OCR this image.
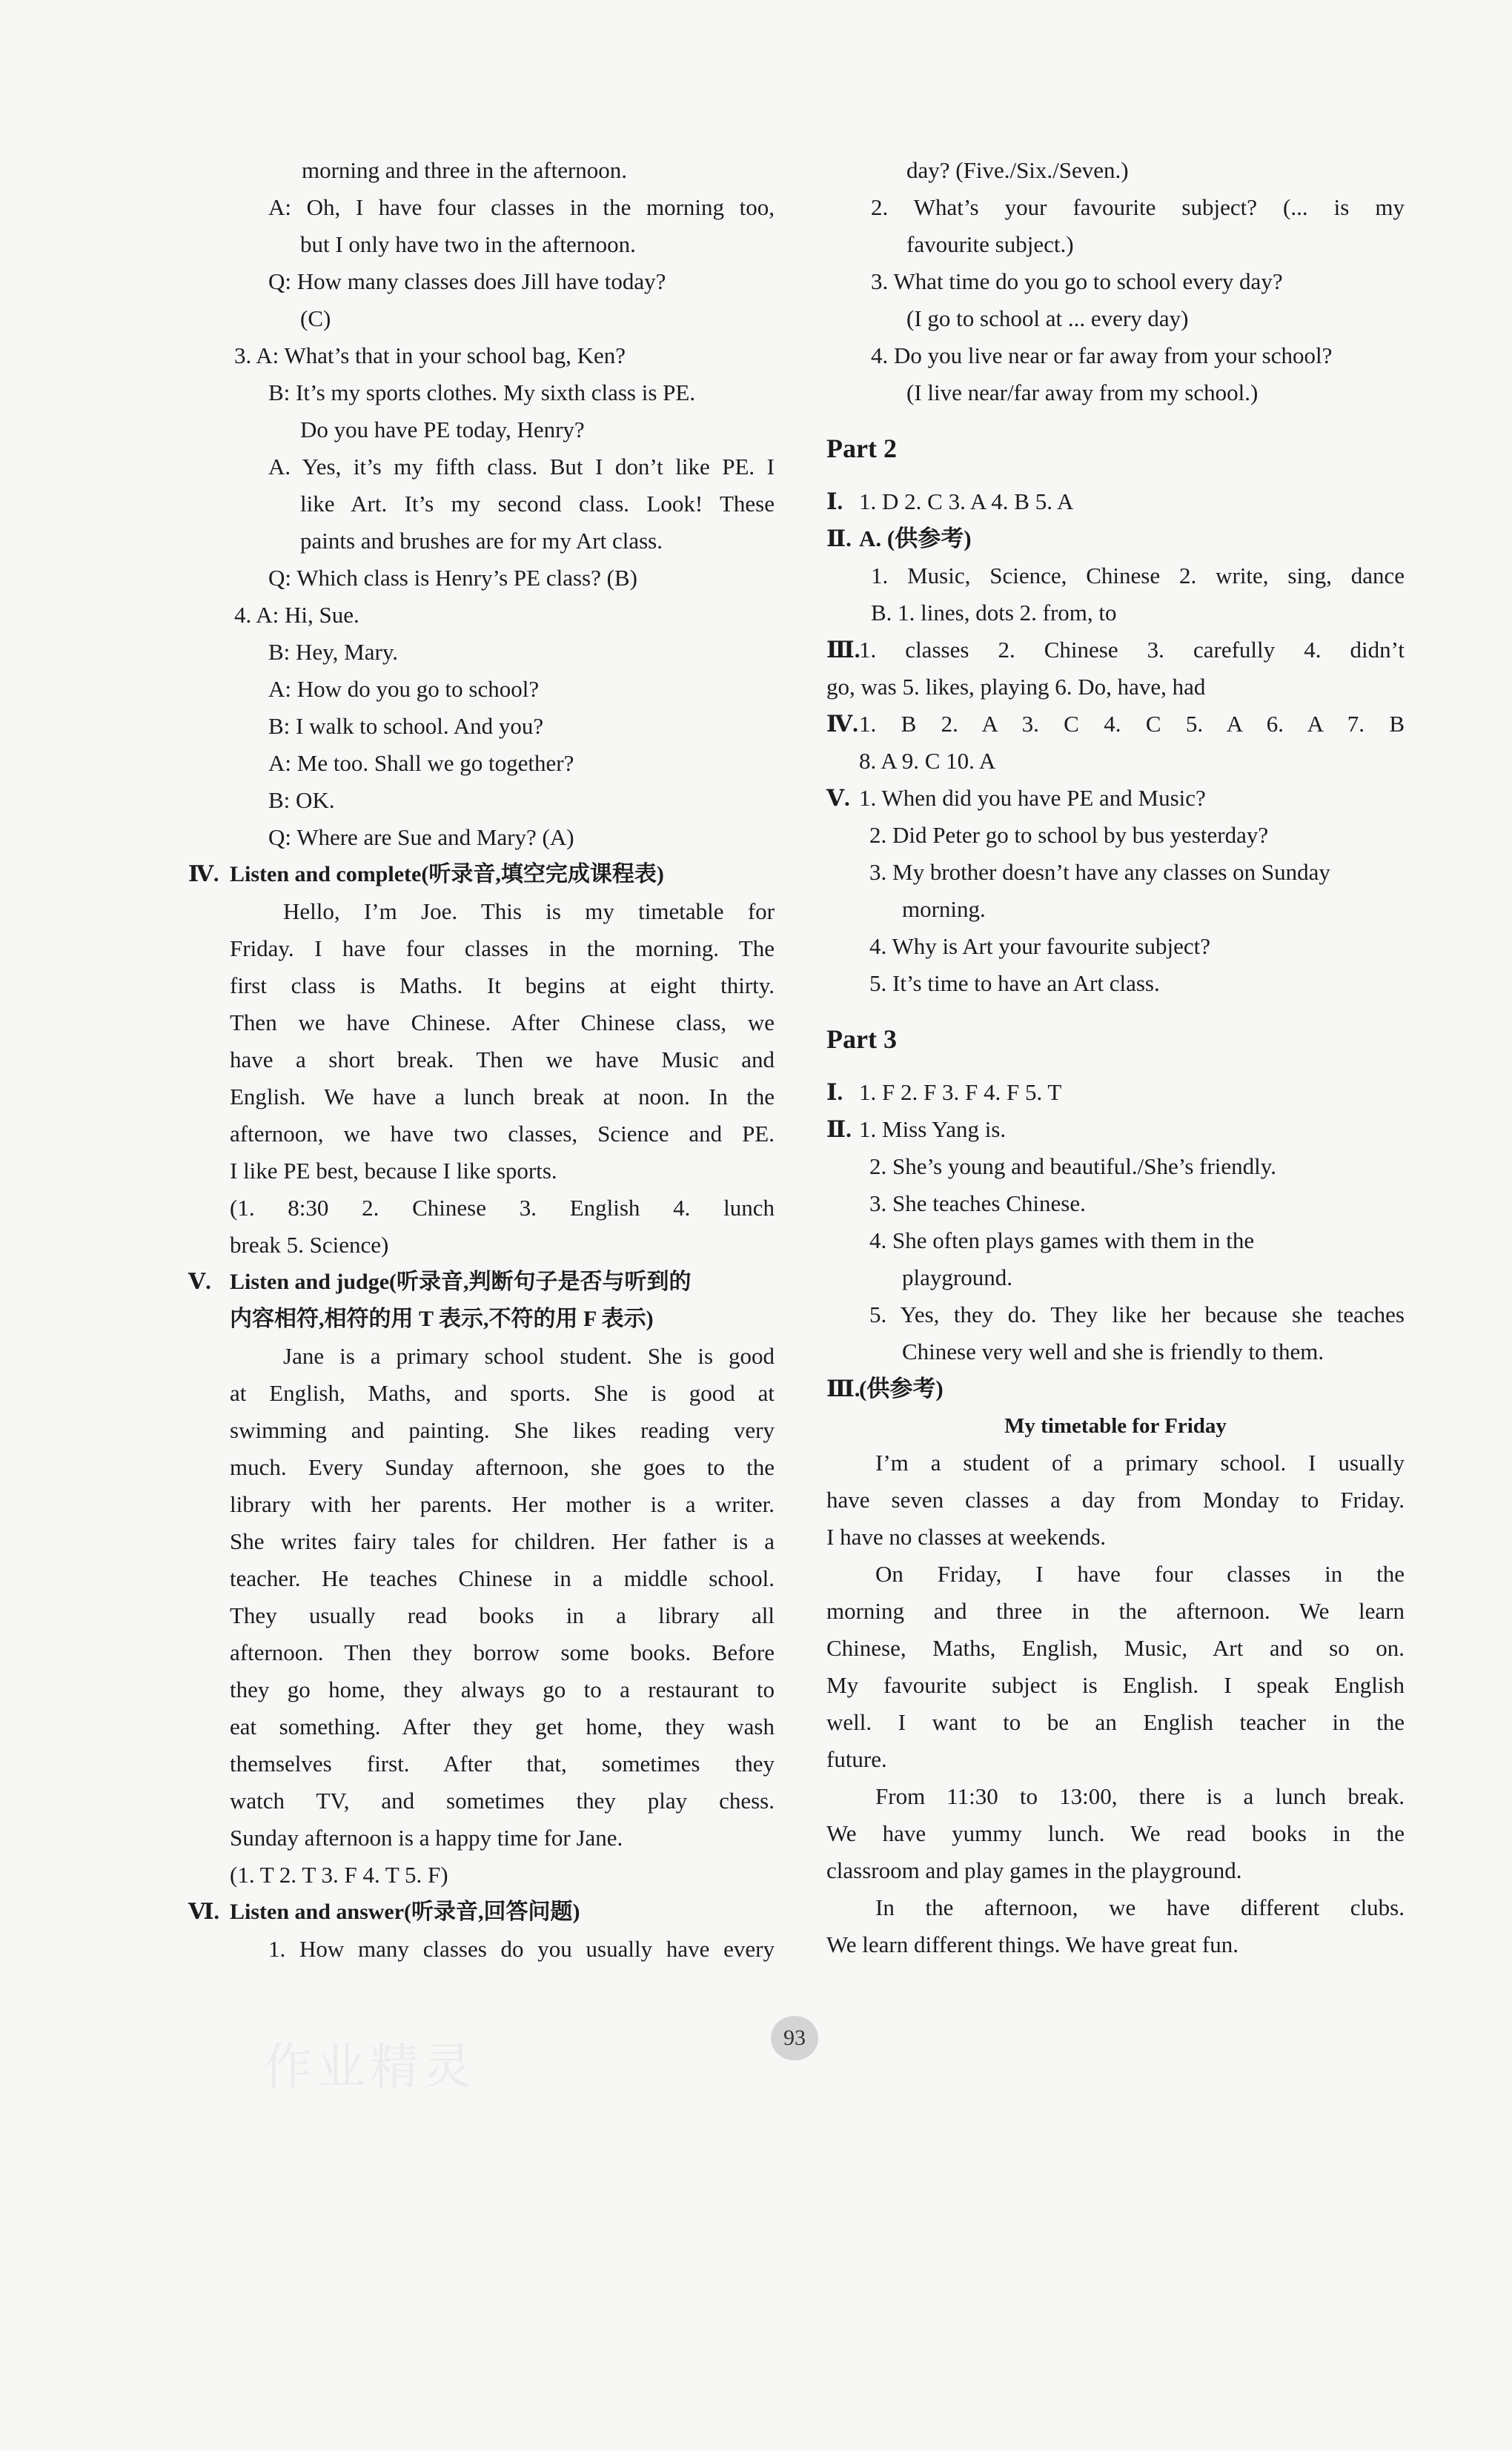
morning and three in the afternoon.
A: Oh, I have four classes in the morning too,
but I only have two in the afternoon.
Q: How many classes does Jill have today?
(C)
3. A: What’s that in your school bag, Ken?
B: It’s my sports clothes. My sixth class is PE.
Do you have PE today, Henry?
A. Yes, it’s my fifth class. But I don’t like PE. I
like Art. It’s my second class. Look! These
paints and brushes are for my Art class.
Q: Which class is Henry’s PE class? (B)
4. A: Hi, Sue.
B: Hey, Mary.
A: How do you go to school?
B: I walk to school. And you?
A: Me too. Shall we go together?
B: OK.
Q: Where are Sue and Mary? (A)
Ⅳ. Listen and complete(听录音,填空完成课程表)
Hello, I’m Joe. This is my timetable for
Friday. I have four classes in the morning. The
first class is Maths. It begins at eight thirty.
Then we have Chinese. After Chinese class, we
have a short break. Then we have Music and
English. We have a lunch break at noon. In the
afternoon, we have two classes, Science and PE.
I like PE best, because I like sports.
(1. 8:30 2. Chinese 3. English 4. lunch
break 5. Science)
Ⅴ. Listen and judge(听录音,判断句子是否与听到的
内容相符,相符的用 T 表示,不符的用 F 表示)
Jane is a primary school student. She is good
at English, Maths, and sports. She is good at
swimming and painting. She likes reading very
much. Every Sunday afternoon, she goes to the
library with her parents. Her mother is a writer.
She writes fairy tales for children. Her father is a
teacher. He teaches Chinese in a middle school.
They usually read books in a library all
afternoon. Then they borrow some books. Before
they go home, they always go to a restaurant to
eat something. After they get home, they wash
themselves first. After that, sometimes they
watch TV, and sometimes they play chess.
Sunday afternoon is a happy time for Jane.
(1. T 2. T 3. F 4. T 5. F)
Ⅵ. Listen and answer(听录音,回答问题)
1. How many classes do you usually have every
day? (Five./Six./Seven.)
2. What’s your favourite subject? (... is my
favourite subject.)
3. What time do you go to school every day?
(I go to school at ... every day)
4. Do you live near or far away from your school?
(I live near/far away from my school.)
Part 2
Ⅰ. 1. D 2. C 3. A 4. B 5. A
Ⅱ. A. (供参考)
1. Music, Science, Chinese 2. write, sing, dance
B. 1. lines, dots 2. from, to
Ⅲ.
1. classes 2. Chinese 3. carefully 4. didn’t
go, was 5. likes, playing 6. Do, have, had
Ⅳ. 1. B 2. A 3. C 4. C 5. A 6. A 7. B
8. A 9. C 10. A
Ⅴ. 1. When did you have PE and Music?
2. Did Peter go to school by bus yesterday?
3. My brother doesn’t have any classes on Sunday
morning.
4. Why is Art your favourite subject?
5. It’s time to have an Art class.
Part 3
Ⅰ. 1. F 2. F 3. F 4. F 5. T
Ⅱ. 1. Miss Yang is.
2. She’s young and beautiful./She’s friendly.
3. She teaches Chinese.
4. She often plays games with them in the
playground.
5. Yes, they do. They like her because she teaches
Chinese very well and she is friendly to them.
Ⅲ.(供参考)
My timetable for Friday
I’m a student of a primary school. I usually
have seven classes a day from Monday to Friday.
I have no classes at weekends.
On Friday, I have four classes in the
morning and three in the afternoon. We learn
Chinese, Maths, English, Music, Art and so on.
My favourite subject is English. I speak English
well. I want to be an English teacher in the
future.
From 11:30 to 13:00, there is a lunch break.
We have yummy lunch. We read books in the
classroom and play games in the playground.
In the afternoon, we have different clubs.
We learn different things. We have great fun.
93
作业精灵
